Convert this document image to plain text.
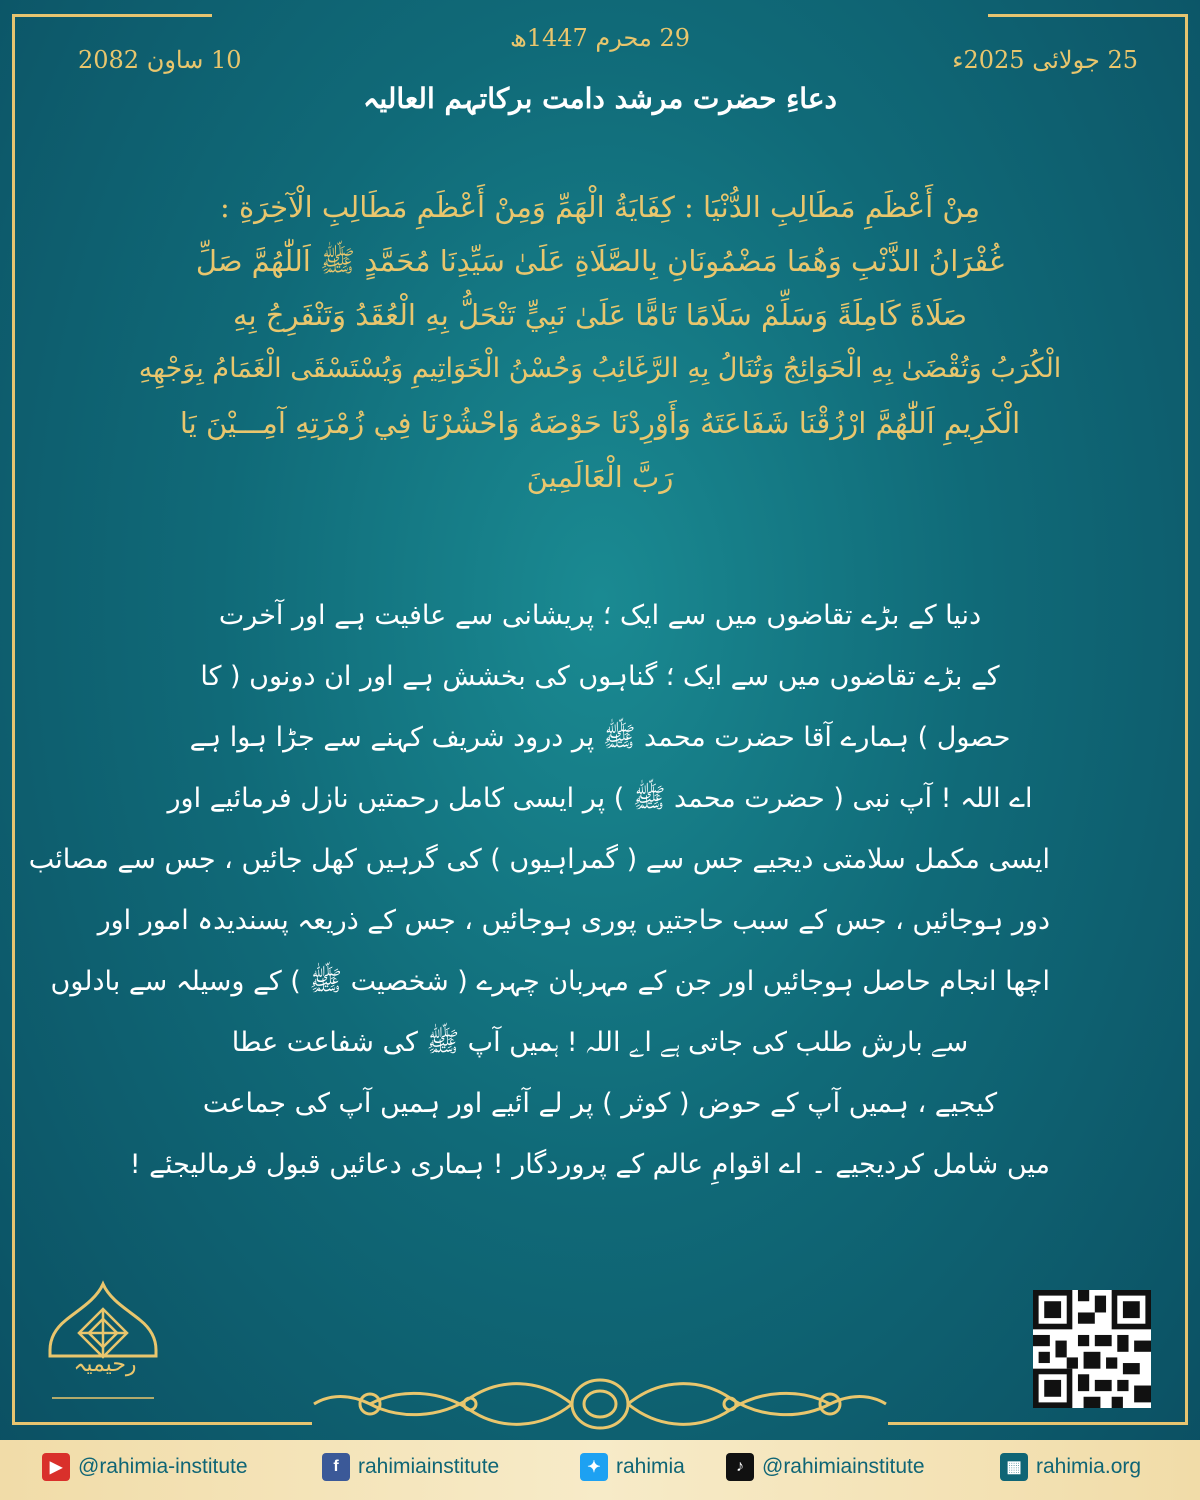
29 محرم 1447ھ
25 جولائی 2025ء
10 ساون 2082
دعاءِ حضرت مرشد دامت برکاتہم العالیہ
مِنْ أَعْظَمِ مَطَالِبِ الدُّنْيَا : كِفَايَةُ الْهَمِّ وَمِنْ أَعْظَمِ مَطَالِبِ الْآخِرَةِ :
غُفْرَانُ الذَّنْبِ وَهُمَا مَضْمُونَانِ بِالصَّلَاةِ عَلَىٰ سَيِّدِنَا مُحَمَّدٍ ﷺ اَللّٰهُمَّ صَلِّ
صَلَاةً كَامِلَةً وَسَلِّمْ سَلَامًا تَامًّا عَلَىٰ نَبِيٍّ تَنْحَلُّ بِهِ الْعُقَدُ وَتَنْفَرِجُ بِهِ
الْكُرَبُ وَتُقْضَىٰ بِهِ الْحَوَائِجُ وَتُنَالُ بِهِ الرَّغَائِبُ وَحُسْنُ الْخَوَاتِيمِ وَيُسْتَسْقَى الْغَمَامُ بِوَجْهِهِ
الْكَرِيمِ اَللّٰهُمَّ ارْزُقْنَا شَفَاعَتَهُ وَأَوْرِدْنَا حَوْضَهُ وَاحْشُرْنَا فِي زُمْرَتِهِ آمِـــيْنَ يَا
رَبَّ الْعَالَمِينَ
دنیا کے بڑے تقاضوں میں سے ایک ؛ پریشانی سے عافیت ہے اور آخرت
کے بڑے تقاضوں میں سے ایک ؛ گناہوں کی بخشش ہے اور ان دونوں ( کا
حصول ) ہمارے آقا حضرت محمد ﷺ پر درود شریف کہنے سے جڑا ہوا ہے
اے اللہ ! آپ نبی ( حضرت محمد ﷺ ) پر ایسی کامل رحمتیں نازل فرمائیے اور
ایسی مکمل سلامتی دیجیے جس سے ( گمراہیوں ) کی گرہیں کھل جائیں ، جس سے مصائب
دور ہوجائیں ، جس کے سبب حاجتیں پوری ہوجائیں ، جس کے ذریعہ پسندیدہ امور اور
اچھا انجام حاصل ہوجائیں اور جن کے مہربان چہرے ( شخصیت ﷺ ) کے وسیلہ سے بادلوں
سے بارش طلب کی جاتی ہے اے اللہ ! ہمیں آپ ﷺ کی شفاعت عطا
کیجیے ، ہمیں آپ کے حوض ( کوثر ) پر لے آئیے اور ہمیں آپ کی جماعت
میں شامل کردیجیے ۔ اے اقوامِ عالم کے پروردگار ! ہماری دعائیں قبول فرمالیجئے !
رحیمیہ
▶ @rahimia-institute	f rahimiainstitute	✦ rahimia	♪ @rahimiainstitute	▦ rahimia.org
